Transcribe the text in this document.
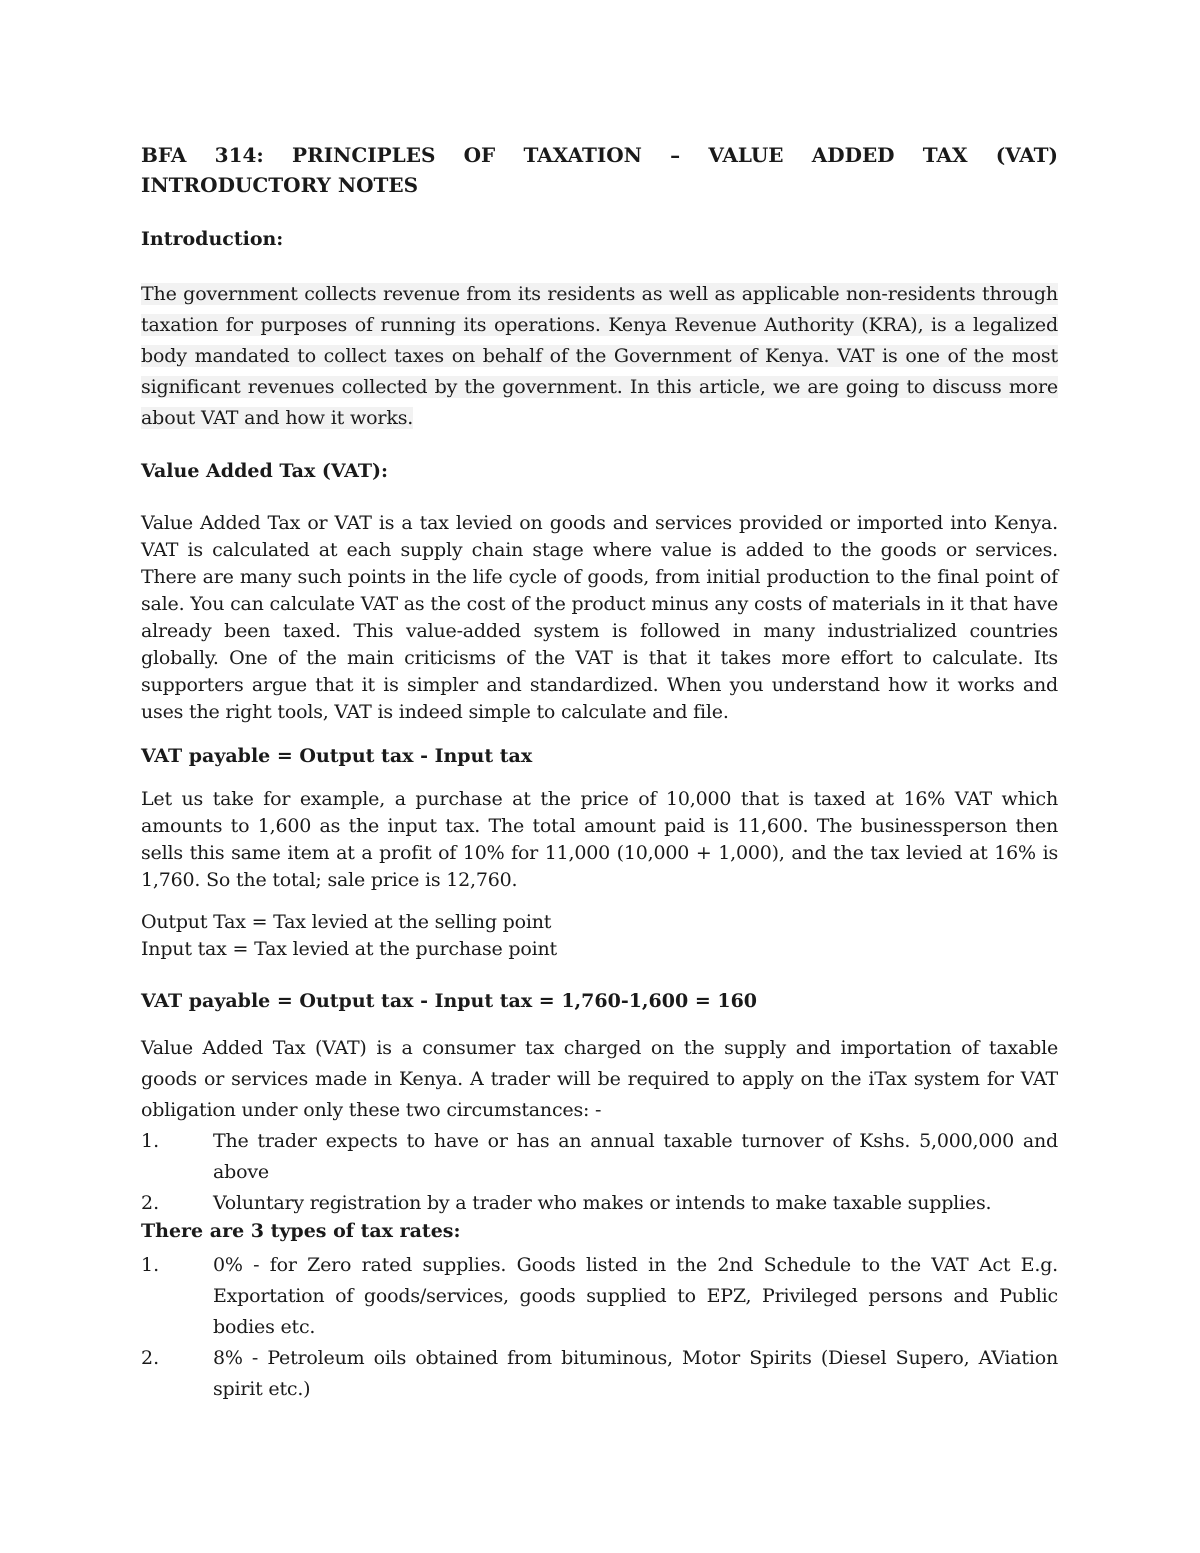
BFA 314: PRINCIPLES OF TAXATION – VALUE ADDED TAX (VAT)
INTRODUCTORY NOTES
Introduction:
The government collects revenue from its residents as well as applicable non-residents through taxation for purposes of running its operations. Kenya Revenue Authority (KRA), is a legalized body mandated to collect taxes on behalf of the Government of Kenya. VAT is one of the most significant revenues collected by the government. In this article, we are going to discuss more about VAT and how it works.
Value Added Tax (VAT):
Value Added Tax or VAT is a tax levied on goods and services provided or imported into Kenya. VAT is calculated at each supply chain stage where value is added to the goods or services. There are many such points in the life cycle of goods, from initial production to the final point of sale. You can calculate VAT as the cost of the product minus any costs of materials in it that have already been taxed. This value-added system is followed in many industrialized countries globally. One of the main criticisms of the VAT is that it takes more effort to calculate. Its supporters argue that it is simpler and standardized. When you understand how it works and uses the right tools, VAT is indeed simple to calculate and file.
VAT payable = Output tax - Input tax
Let us take for example, a purchase at the price of 10,000 that is taxed at 16% VAT which amounts to 1,600 as the input tax. The total amount paid is 11,600. The businessperson then sells this same item at a profit of 10% for 11,000 (10,000 + 1,000), and the tax levied at 16% is 1,760. So the total; sale price is 12,760.
Output Tax = Tax levied at the selling point
Input tax = Tax levied at the purchase point
VAT payable = Output tax - Input tax = 1,760-1,600 = 160
Value Added Tax (VAT) is a consumer tax charged on the supply and importation of taxable goods or services made in Kenya. A trader will be required to apply on the iTax system for VAT obligation under only these two circumstances: -
1.	The trader expects to have or has an annual taxable turnover of Kshs. 5,000,000 and above
2.	Voluntary registration by a trader who makes or intends to make taxable supplies.
There are 3 types of tax rates:
1.	0% - for Zero rated supplies. Goods listed in the 2nd Schedule to the VAT Act E.g. Exportation of goods/services, goods supplied to EPZ, Privileged persons and Public bodies etc.
2.	8% - Petroleum oils obtained from bituminous, Motor Spirits (Diesel Supero, AViation spirit etc.)
